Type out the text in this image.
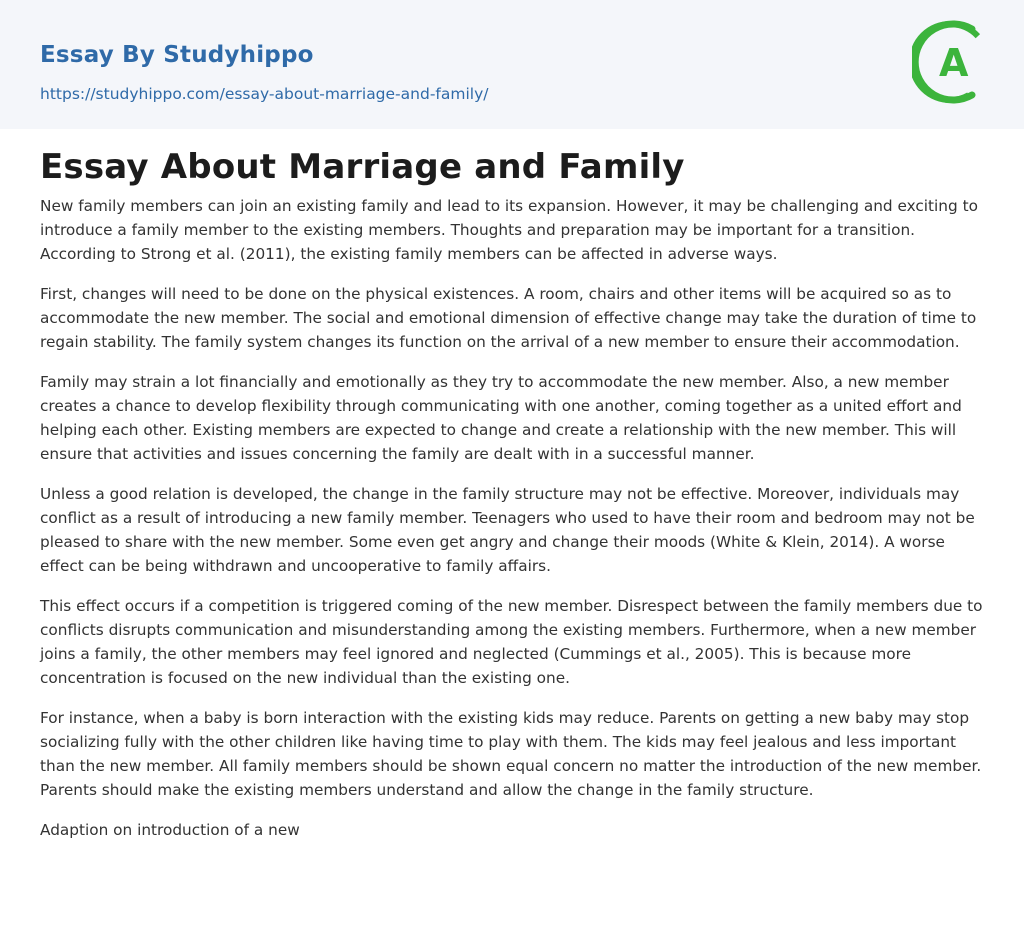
Essay By Studyhippo
https://studyhippo.com/essay-about-marriage-and-family/
A
Essay About Marriage and Family

New family members can join an existing family and lead to its expansion. However, it may be challenging and exciting to introduce a family member to the existing members. Thoughts and preparation may be important for a transition. According to Strong et al. (2011), the existing family members can be affected in adverse ways.

First, changes will need to be done on the physical existences. A room, chairs and other items will be acquired so as to accommodate the new member. The social and emotional dimension of effective change may take the duration of time to regain stability. The family system changes its function on the arrival of a new member to ensure their accommodation.

Family may strain a lot financially and emotionally as they try to accommodate the new member. Also, a new member creates a chance to develop flexibility through communicating with one another, coming together as a united effort and helping each other. Existing members are expected to change and create a relationship with the new member. This will ensure that activities and issues concerning the family are dealt with in a successful manner.

Unless a good relation is developed, the change in the family structure may not be effective. Moreover, individuals may conflict as a result of introducing a new family member. Teenagers who used to have their room and bedroom may not be pleased to share with the new member. Some even get angry and change their moods (White & Klein, 2014). A worse effect can be being withdrawn and uncooperative to family affairs.

This effect occurs if a competition is triggered coming of the new member. Disrespect between the family members due to conflicts disrupts communication and misunderstanding among the existing members. Furthermore, when a new member joins a family, the other members may feel ignored and neglected (Cummings et al., 2005). This is because more concentration is focused on the new individual than the existing one.

For instance, when a baby is born interaction with the existing kids may reduce. Parents on getting a new baby may stop socializing fully with the other children like having time to play with them. The kids may feel jealous and less important than the new member. All family members should be shown equal concern no matter the introduction of the new member. Parents should make the existing members understand and allow the change in the family structure.

Adaption on introduction of a new
